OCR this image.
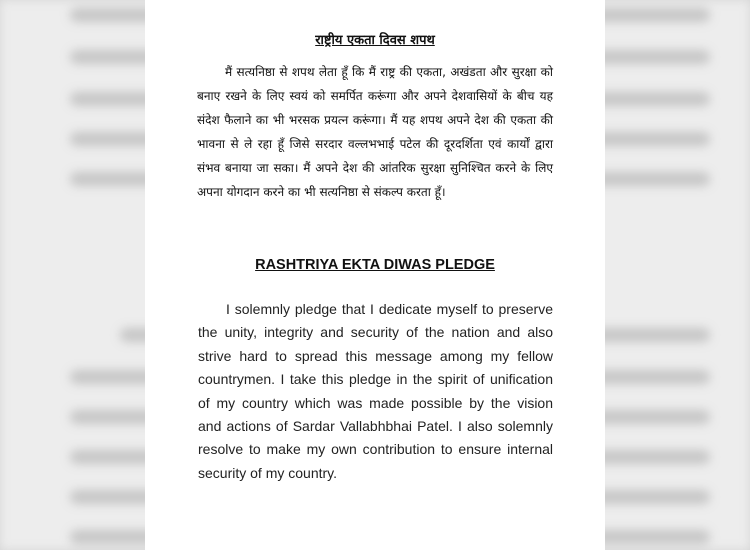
राष्ट्रीय एकता दिवस शपथ

मैं सत्यनिष्ठा से शपथ लेता हूँ कि मैं राष्ट्र की एकता, अखंडता और सुरक्षा को बनाए रखने के लिए स्वयं को समर्पित करूंगा और अपने देशवासियों के बीच यह संदेश फैलाने का भी भरसक प्रयत्न करूंगा। मैं यह शपथ अपने देश की एकता की भावना से ले रहा हूँ जिसे सरदार वल्लभभाई पटेल की दूरदर्शिता एवं कार्यों द्वारा संभव बनाया जा सका। मैं अपने देश की आंतरिक सुरक्षा सुनिश्चित करने के लिए अपना योगदान करने का भी सत्यनिष्ठा से संकल्प करता हूँ।

RASHTRIYA EKTA DIWAS PLEDGE

I solemnly pledge that I dedicate myself to preserve the unity, integrity and security of the nation and also strive hard to spread this message among my fellow countrymen. I take this pledge in the spirit of unification of my country which was made possible by the vision and actions of Sardar Vallabhbhai Patel. I also solemnly resolve to make my own contribution to ensure internal security of my country.
